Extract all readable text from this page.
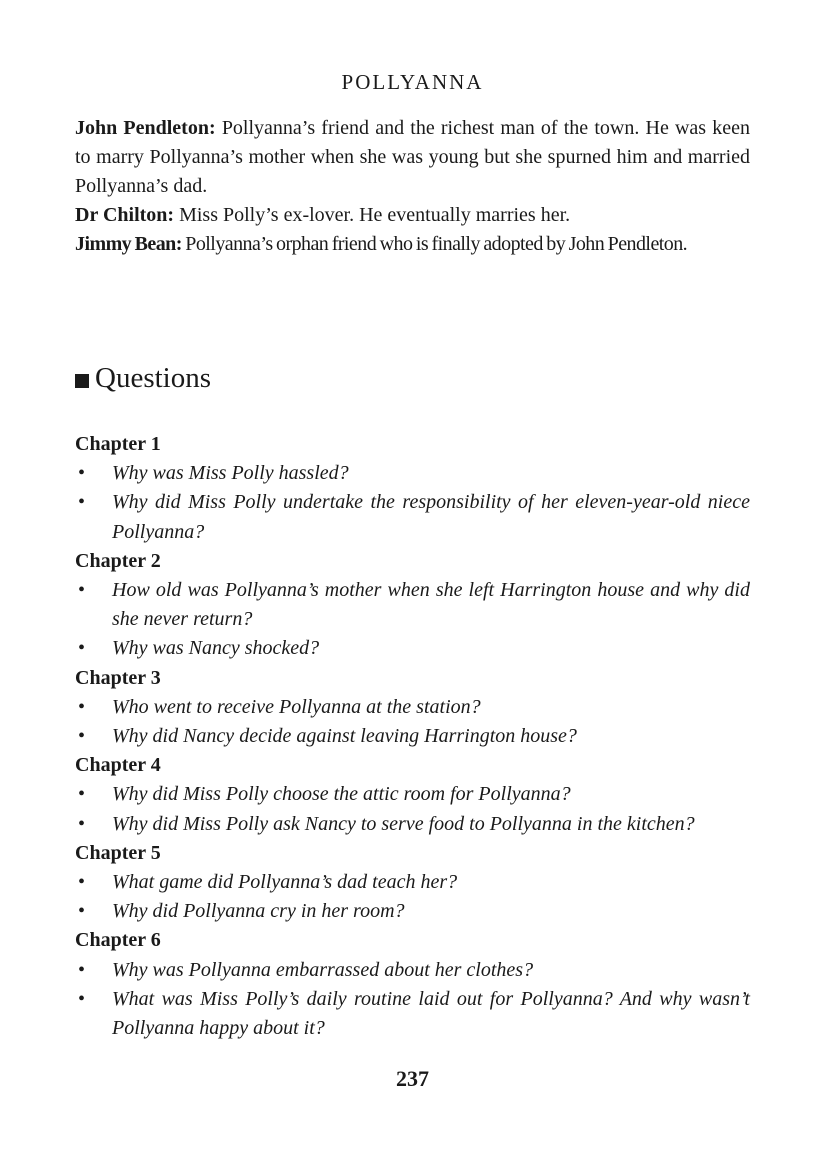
POLLYANNA

John Pendleton: Pollyanna’s friend and the richest man of the town. He was keen to marry Pollyanna’s mother when she was young but she spurned him and married Pollyanna’s dad.

Dr Chilton: Miss Polly’s ex-lover. He eventually marries her.

Jimmy Bean: Pollyanna’s orphan friend who is finally adopted by John Pendleton.

Questions

Chapter 1

•	Why was Miss Polly hassled?
•	Why did Miss Polly undertake the responsibility of her eleven-year-old niece Pollyanna?

Chapter 2

•	How old was Pollyanna’s mother when she left Harrington house and why did she never return?
•	Why was Nancy shocked?

Chapter 3

•	Who went to receive Pollyanna at the station?
•	Why did Nancy decide against leaving Harrington house?

Chapter 4

•	Why did Miss Polly choose the attic room for Pollyanna?
•	Why did Miss Polly ask Nancy to serve food to Pollyanna in the kitchen?

Chapter 5

•	What game did Pollyanna’s dad teach her?
•	Why did Pollyanna cry in her room?

Chapter 6

•	Why was Pollyanna embarrassed about her clothes?
•	What was Miss Polly’s daily routine laid out for Pollyanna? And why wasn’t Pollyanna happy about it?
237
